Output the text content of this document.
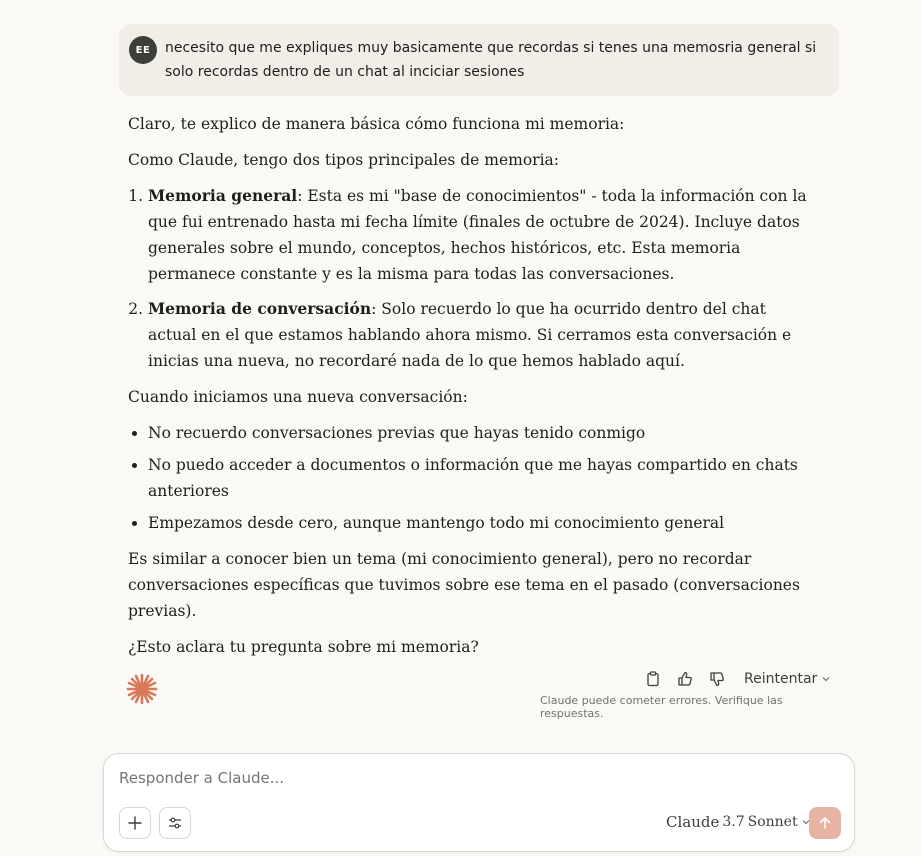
EE	necesito que me expliques muy basicamente que recordas si tenes una memosria general si solo recordas dentro de un chat al inciciar sesiones

Claro, te explico de manera básica cómo funciona mi memoria:

Como Claude, tengo dos tipos principales de memoria:

1. Memoria general: Esta es mi "base de conocimientos" - toda la información con la que fui entrenado hasta mi fecha límite (finales de octubre de 2024). Incluye datos generales sobre el mundo, conceptos, hechos históricos, etc. Esta memoria permanece constante y es la misma para todas las conversaciones.
2. Memoria de conversación: Solo recuerdo lo que ha ocurrido dentro del chat actual en el que estamos hablando ahora mismo. Si cerramos esta conversación e inicias una nueva, no recordaré nada de lo que hemos hablado aquí.

Cuando iniciamos una nueva conversación:

• No recuerdo conversaciones previas que hayas tenido conmigo
• No puedo acceder a documentos o información que me hayas compartido en chats anteriores
• Empezamos desde cero, aunque mantengo todo mi conocimiento general

Es similar a conocer bien un tema (mi conocimiento general), pero no recordar conversaciones específicas que tuvimos sobre ese tema en el pasado (conversaciones previas).

¿Esto aclara tu pregunta sobre mi memoria?

Reintentar
Claude puede cometer errores. Verifique las respuestas.
Responder a Claude...
Claude 3.7 Sonnet
